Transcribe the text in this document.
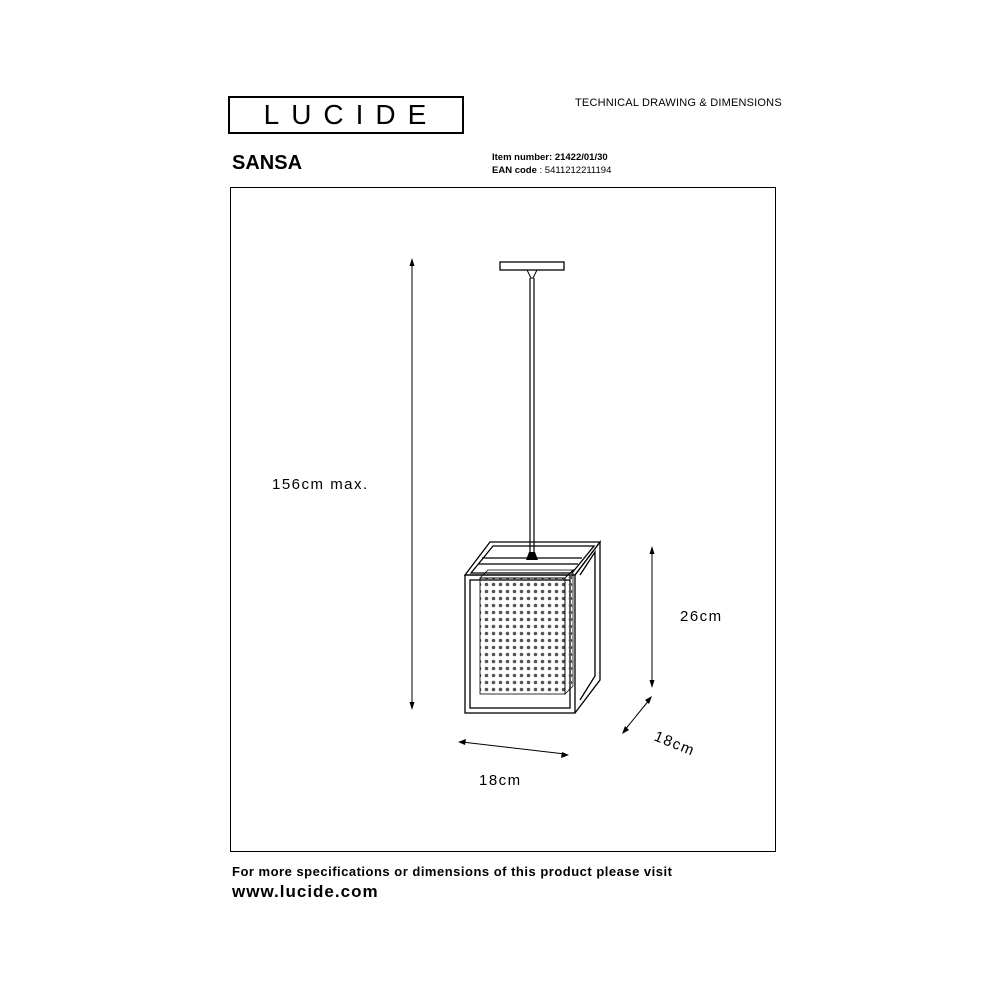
LUCIDE	TECHNICAL DRAWING & DIMENSIONS
SANSA	Item number: 21422/01/30
EAN code : 5411212211194
156cm max.
26cm
18cm
18cm
For more specifications or dimensions of this product please visit
www.lucide.com
